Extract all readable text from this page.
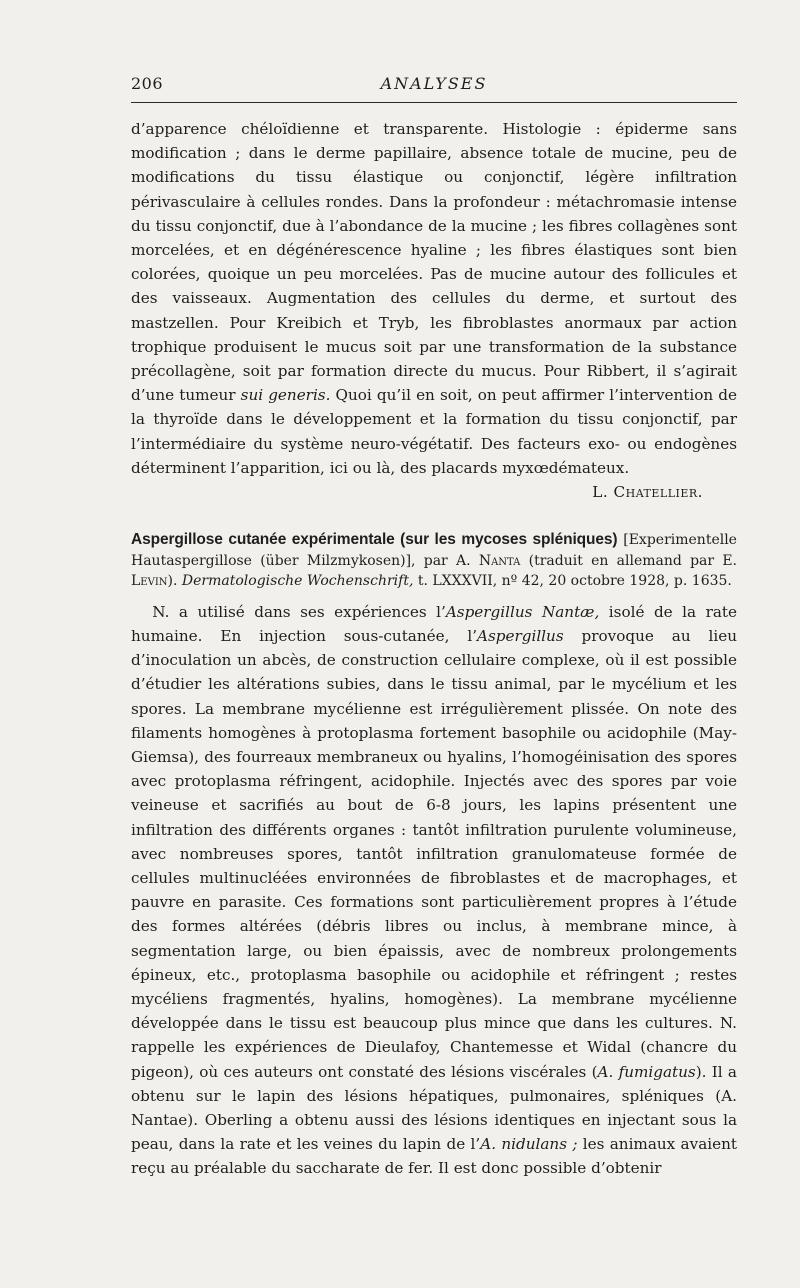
206	ANALYSES

d’apparence chéloïdienne et transparente. Histologie : épiderme sans modification ; dans le derme papillaire, absence totale de mucine, peu de modifications du tissu élastique ou conjonctif, légère infiltration périvasculaire à cellules rondes. Dans la profondeur : métachromasie intense du tissu conjonctif, due à l’abondance de la mucine ; les fibres collagènes sont morcelées, et en dégénérescence hyaline ; les fibres élastiques sont bien colorées, quoique un peu morcelées. Pas de mucine autour des follicules et des vaisseaux. Augmentation des cellules du derme, et surtout des mastzellen. Pour Kreibich et Tryb, les fibroblastes anormaux par action trophique produisent le mucus soit par une transformation de la substance précollagène, soit par formation directe du mucus. Pour Ribbert, il s’agirait d’une tumeur sui generis. Quoi qu’il en soit, on peut affirmer l’intervention de la thyroïde dans le développement et la formation du tissu conjonctif, par l’intermédiaire du système neuro-végétatif. Des facteurs exo- ou endogènes déterminent l’apparition, ici ou là, des placards myxœdémateux.

L. Chatellier.

Aspergillose cutanée expérimentale (sur les mycoses spléniques) [Experimentelle Hautaspergillose (über Milzmykosen)], par A. Nanta (traduit en allemand par E. Levin). Dermatologische Wochenschrift, t. LXXXVII, nº 42, 20 octobre 1928, p. 1635.

N. a utilisé dans ses expériences l’Aspergillus Nantæ, isolé de la rate humaine. En injection sous-cutanée, l’Aspergillus provoque au lieu d’inoculation un abcès, de construction cellulaire complexe, où il est possible d’étudier les altérations subies, dans le tissu animal, par le mycélium et les spores. La membrane mycélienne est irrégulièrement plissée. On note des filaments homogènes à protoplasma fortement basophile ou acidophile (May-Giemsa), des fourreaux membraneux ou hyalins, l’homogéinisation des spores avec protoplasma réfringent, acidophile. Injectés avec des spores par voie veineuse et sacrifiés au bout de 6-8 jours, les lapins présentent une infiltration des différents organes : tantôt infiltration purulente volumineuse, avec nombreuses spores, tantôt infiltration granulomateuse formée de cellules multinucléées environnées de fibroblastes et de macrophages, et pauvre en parasite. Ces formations sont particulièrement propres à l’étude des formes altérées (débris libres ou inclus, à membrane mince, à segmentation large, ou bien épaissis, avec de nombreux prolongements épineux, etc., protoplasma basophile ou acidophile et réfringent ; restes mycéliens fragmentés, hyalins, homogènes). La membrane mycélienne développée dans le tissu est beaucoup plus mince que dans les cultures. N. rappelle les expériences de Dieulafoy, Chantemesse et Widal (chancre du pigeon), où ces auteurs ont constaté des lésions viscérales (A. fumigatus). Il a obtenu sur le lapin des lésions hépatiques, pulmonaires, spléniques (A. Nantae). Oberling a obtenu aussi des lésions identiques en injectant sous la peau, dans la rate et les veines du lapin de l’A. nidulans ; les animaux avaient reçu au préalable du saccharate de fer. Il est donc possible d’obtenir
